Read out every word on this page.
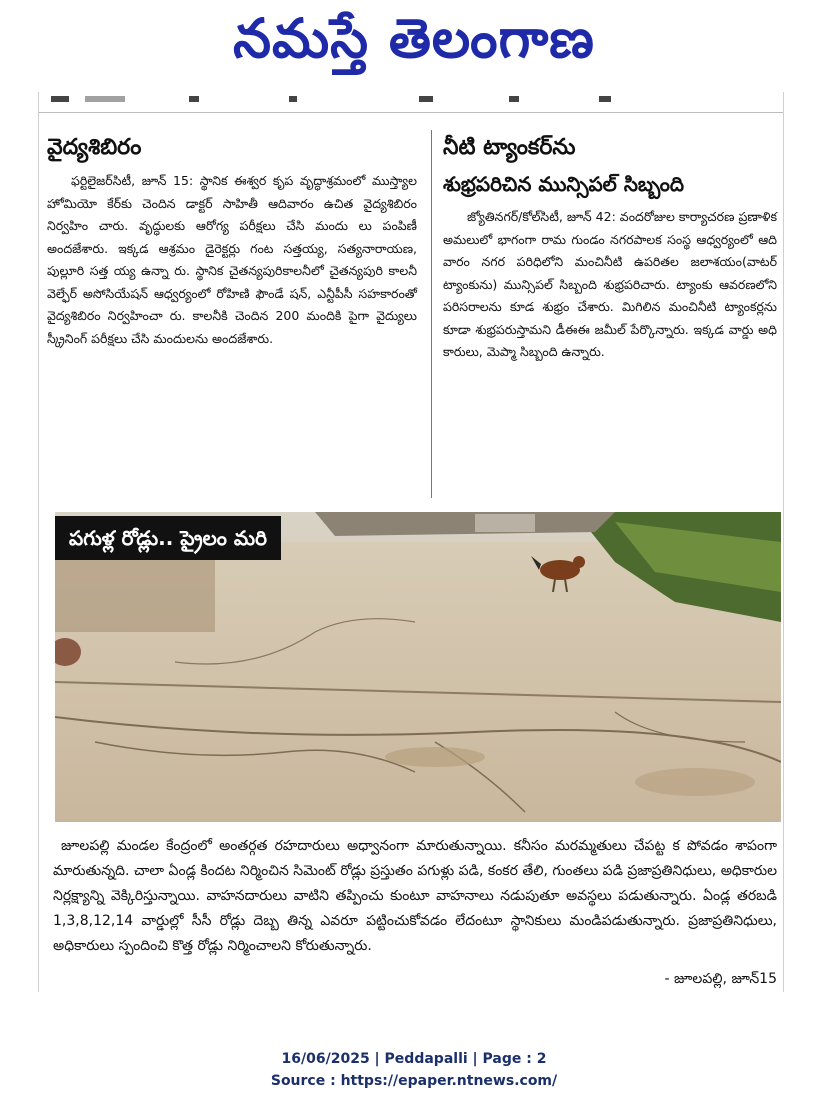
నమస్తే తెలంగాణ
వైద్యశిబిరం
ఫర్టిలైజర్‌సిటీ, జూన్ 15: స్థానిక ఈశ్వర కృప వృద్ధాశ్రమంలో ముస్త్యాల హోమియో కేర్‌కు చెందిన డాక్టర్ సాహితీ ఆదివారం ఉచిత వైద్యశిబిరం నిర్వహిం చారు. వృద్ధులకు ఆరోగ్య పరీక్షలు చేసి మందు లు పంపిణీ అందజేశారు. ఇక్కడ ఆశ్రమం డైరెక్టర్లు గంట సత్తయ్య, సత్యనారాయణ, పుల్లూరి సత్త య్య ఉన్నా రు. స్థానిక చైతన్యపురికాలనీలో చైతన్యపురి కాలనీ వెల్ఫేర్ అసోసియేషన్ ఆధ్వర్యంలో రోహిణి ఫౌండే షన్, ఎన్టీపీసీ సహకారంతో వైద్యశిబిరం నిర్వహించా రు. కాలనీకి చెందిన 200 మందికి పైగా వైద్యులు స్క్రీనింగ్ పరీక్షలు చేసి మందులను అందజేశారు.
నీటి ట్యాంకర్‌ను
శుభ్రపరిచిన మున్సిపల్ సిబ్బంది
జ్యోతినగర్/కోల్‌సిటీ, జూన్ 42: వందరోజుల కార్యాచరణ ప్రణాళిక అమలులో భాగంగా రామ గుండం నగరపాలక సంస్థ ఆధ్వర్యంలో ఆది వారం నగర పరిధిలోని మంచినీటి ఉపరితల జలాశయం(వాటర్ ట్యాంకును) మున్సిపల్ సిబ్బంది శుభ్రపరిచారు. ట్యాంకు ఆవరణలోని పరిసరాలను కూడ శుభ్రం చేశారు. మిగిలిన మంచినీటి ట్యాంకర్లను కూడా శుభ్రపరుస్తామని డీఈఈ జమీల్ పేర్కొన్నారు. ఇక్కడ వార్డు అధి కారులు, మెప్మా సిబ్బంది ఉన్నారు.
పగుళ్ల రోడ్లు.. ప్రైలం మరి
జూలపల్లి మండల కేంద్రంలో అంతర్గత రహదారులు అధ్వానంగా మారుతున్నాయి. కనీసం మరమ్మతులు చేపట్ట క పోవడం శాపంగా మారుతున్నది. చాలా ఏండ్ల కిందట నిర్మించిన సిమెంట్ రోడ్లు ప్రస్తుతం పగుళ్లు పడి, కంకర తేలి, గుంతలు పడి ప్రజాప్రతినిధులు, అధికారుల నిర్లక్ష్యాన్ని వెక్కిరిస్తున్నాయి. వాహనదారులు వాటిని తప్పించు కుంటూ వాహనాలు నడుపుతూ అవస్థలు పడుతున్నారు. ఏండ్ల తరబడి 1,3,8,12,14 వార్డుల్లో సీసీ రోడ్లు దెబ్బ తిన్న ఎవరూ పట్టించుకోవడం లేదంటూ స్థానికులు మండిపడుతున్నారు. ప్రజాప్రతినిధులు, అధికారులు స్పందించి కొత్త రోడ్లు నిర్మించాలని కోరుతున్నారు.
- జూలపల్లి, జూన్15
16/06/2025 | Peddapalli | Page : 2
Source : https://epaper.ntnews.com/
